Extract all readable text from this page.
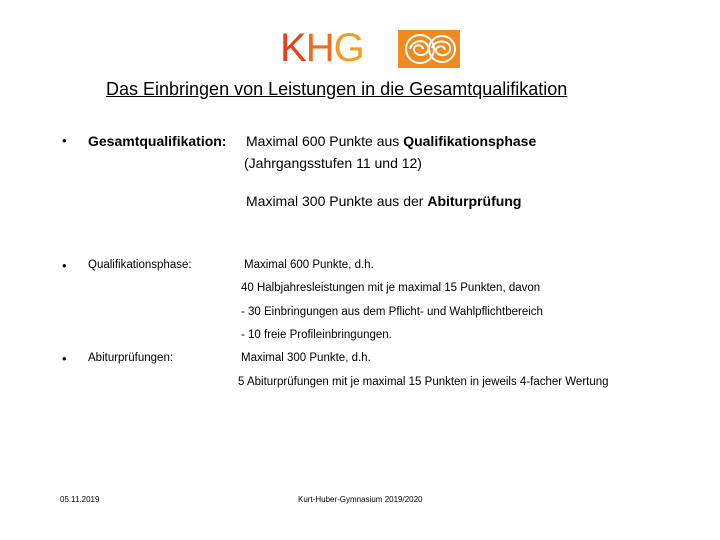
KHG
Das Einbringen von Leistungen in die Gesamtqualifikation
• Gesamtqualifikation: Maximal 600 Punkte aus Qualifikationsphase
(Jahrgangsstufen 11 und 12)
Maximal 300 Punkte aus der Abiturprüfung
• Qualifikationsphase:	Maximal 600 Punkte, d.h.
40 Halbjahresleistungen mit je maximal 15 Punkten, davon
- 30 Einbringungen aus dem Pflicht- und Wahlpflichtbereich
- 10 freie Profileinbringungen.
• Abiturprüfungen:	Maximal 300 Punkte, d.h.
5 Abiturprüfungen mit je maximal 15 Punkten in jeweils 4-facher Wertung
05.11.2019	Kurt-Huber-Gymnasium 2019/2020
